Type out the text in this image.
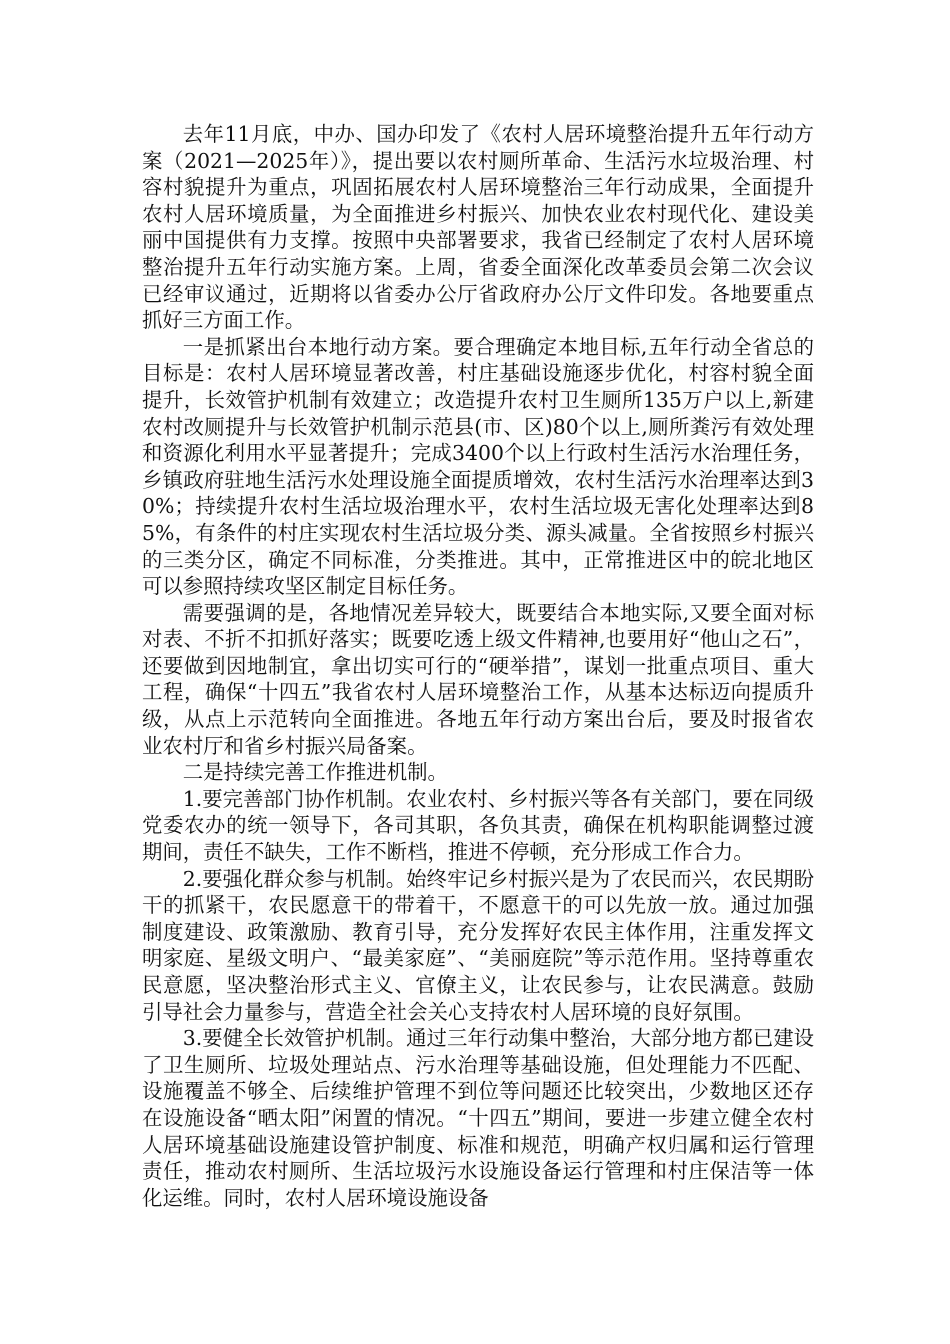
去年11月底，中办、国办印发了《农村人居环境整治提升五年行动方案（2021—2025年）》，提出要以农村厕所革命、生活污水垃圾治理、村容村貌提升为重点，巩固拓展农村人居环境整治三年行动成果，全面提升农村人居环境质量，为全面推进乡村振兴、加快农业农村现代化、建设美丽中国提供有力支撑。按照中央部署要求，我省已经制定了农村人居环境整治提升五年行动实施方案。上周，省委全面深化改革委员会第二次会议已经审议通过，近期将以省委办公厅省政府办公厅文件印发。各地要重点抓好三方面工作。

一是抓紧出台本地行动方案。要合理确定本地目标,五年行动全省总的目标是：农村人居环境显著改善，村庄基础设施逐步优化，村容村貌全面提升，长效管护机制有效建立；改造提升农村卫生厕所135万户以上,新建农村改厕提升与长效管护机制示范县(市、区)80个以上,厕所粪污有效处理和资源化利用水平显著提升；完成3400个以上行政村生活污水治理任务，乡镇政府驻地生活污水处理设施全面提质增效，农村生活污水治理率达到30%；持续提升农村生活垃圾治理水平，农村生活垃圾无害化处理率达到85%，有条件的村庄实现农村生活垃圾分类、源头减量。全省按照乡村振兴的三类分区，确定不同标准，分类推进。其中，正常推进区中的皖北地区可以参照持续攻坚区制定目标任务。

需要强调的是，各地情况差异较大，既要结合本地实际,又要全面对标对表、不折不扣抓好落实；既要吃透上级文件精神,也要用好“他山之石”，还要做到因地制宜，拿出切实可行的“硬举措”，谋划一批重点项目、重大工程，确保“十四五”我省农村人居环境整治工作，从基本达标迈向提质升级，从点上示范转向全面推进。各地五年行动方案出台后，要及时报省农业农村厅和省乡村振兴局备案。

二是持续完善工作推进机制。

1.要完善部门协作机制。农业农村、乡村振兴等各有关部门，要在同级党委农办的统一领导下，各司其职，各负其责，确保在机构职能调整过渡期间，责任不缺失，工作不断档，推进不停顿，充分形成工作合力。

2.要强化群众参与机制。始终牢记乡村振兴是为了农民而兴，农民期盼干的抓紧干，农民愿意干的带着干，不愿意干的可以先放一放。通过加强制度建设、政策激励、教育引导，充分发挥好农民主体作用，注重发挥文明家庭、星级文明户、“最美家庭”、“美丽庭院”等示范作用。坚持尊重农民意愿，坚决整治形式主义、官僚主义，让农民参与，让农民满意。鼓励引导社会力量参与，营造全社会关心支持农村人居环境的良好氛围。

3.要健全长效管护机制。通过三年行动集中整治，大部分地方都已建设了卫生厕所、垃圾处理站点、污水治理等基础设施，但处理能力不匹配、设施覆盖不够全、后续维护管理不到位等问题还比较突出，少数地区还存在设施设备“晒太阳”闲置的情况。“十四五”期间，要进一步建立健全农村人居环境基础设施建设管护制度、标准和规范，明确产权归属和运行管理责任，推动农村厕所、生活垃圾污水设施设备运行管理和村庄保洁等一体化运维。同时，农村人居环境设施设备
